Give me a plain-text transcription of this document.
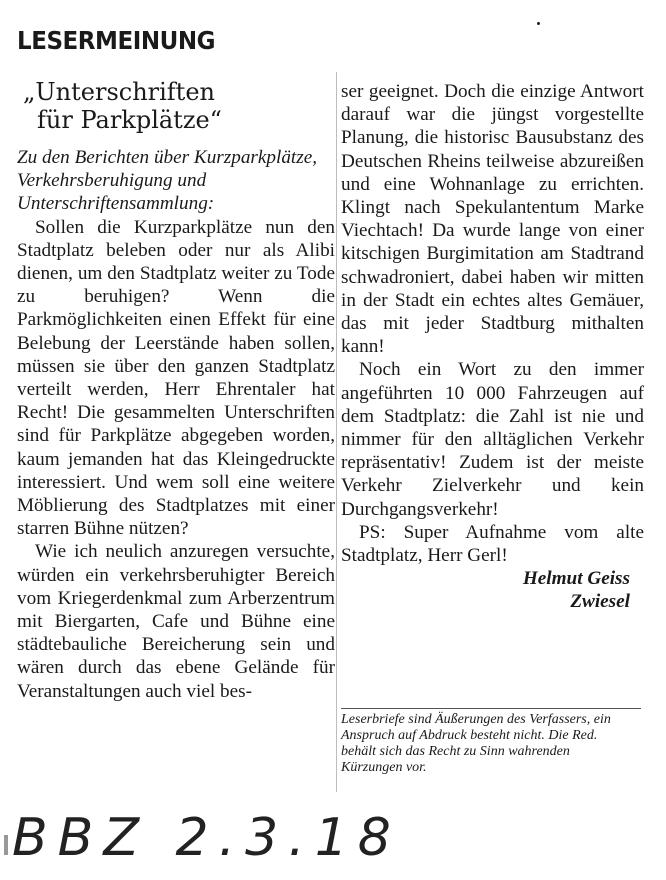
LESERMEINUNG
„Unterschriften
für Parkplätze“

Zu den Berichten über Kurzparkplätze, Verkehrsberuhigung und Unterschriftensammlung:

Sollen die Kurzparkplätze nun den Stadtplatz beleben oder nur als Alibi dienen, um den Stadtplatz weiter zu Tode zu beruhigen? Wenn die Parkmöglichkeiten einen Effekt für eine Belebung der Leerstände haben sollen, müssen sie über den ganzen Stadtplatz verteilt werden, Herr Ehrentaler hat Recht! Die gesammelten Unterschriften sind für Parkplätze abgegeben worden, kaum jemanden hat das Kleingedruckte interessiert. Und wem soll eine weitere Möblierung des Stadtplatzes mit einer starren Bühne nützen?

Wie ich neulich anzuregen versuchte, würden ein verkehrsberuhigter Bereich vom Kriegerdenkmal zum Arberzentrum mit Biergarten, Cafe und Bühne eine städtebauliche Bereicherung sein und wären durch das ebene Gelände für Veranstaltungen auch viel bes-

ser geeignet. Doch die einzige Antwort darauf war die jüngst vorgestellte Planung, die historisc Bausubstanz des Deutschen Rheins teilweise abzureißen und eine Wohnanlage zu errichten. Klingt nach Spekulantentum Marke Viechtach! Da wurde lange von einer kitschigen Burgimitation am Stadtrand schwadroniert, dabei haben wir mitten in der Stadt ein echtes altes Gemäuer, das mit jeder Stadtburg mithalten kann!

Noch ein Wort zu den immer angeführten 10 000 Fahrzeugen auf dem Stadtplatz: die Zahl ist nie und nimmer für den alltäglichen Verkehr repräsentativ! Zudem ist der meiste Verkehr Zielverkehr und kein Durchgangsverkehr!

PS: Super Aufnahme vom alte Stadtplatz, Herr Gerl!

Helmut Geiss

Zwiesel

Leserbriefe sind Äußerungen des Verfassers, ein Anspruch auf Abdruck besteht nicht. Die Red. behält sich das Recht zu Sinn wahrenden Kürzungen vor.

BBZ 2.3.18
